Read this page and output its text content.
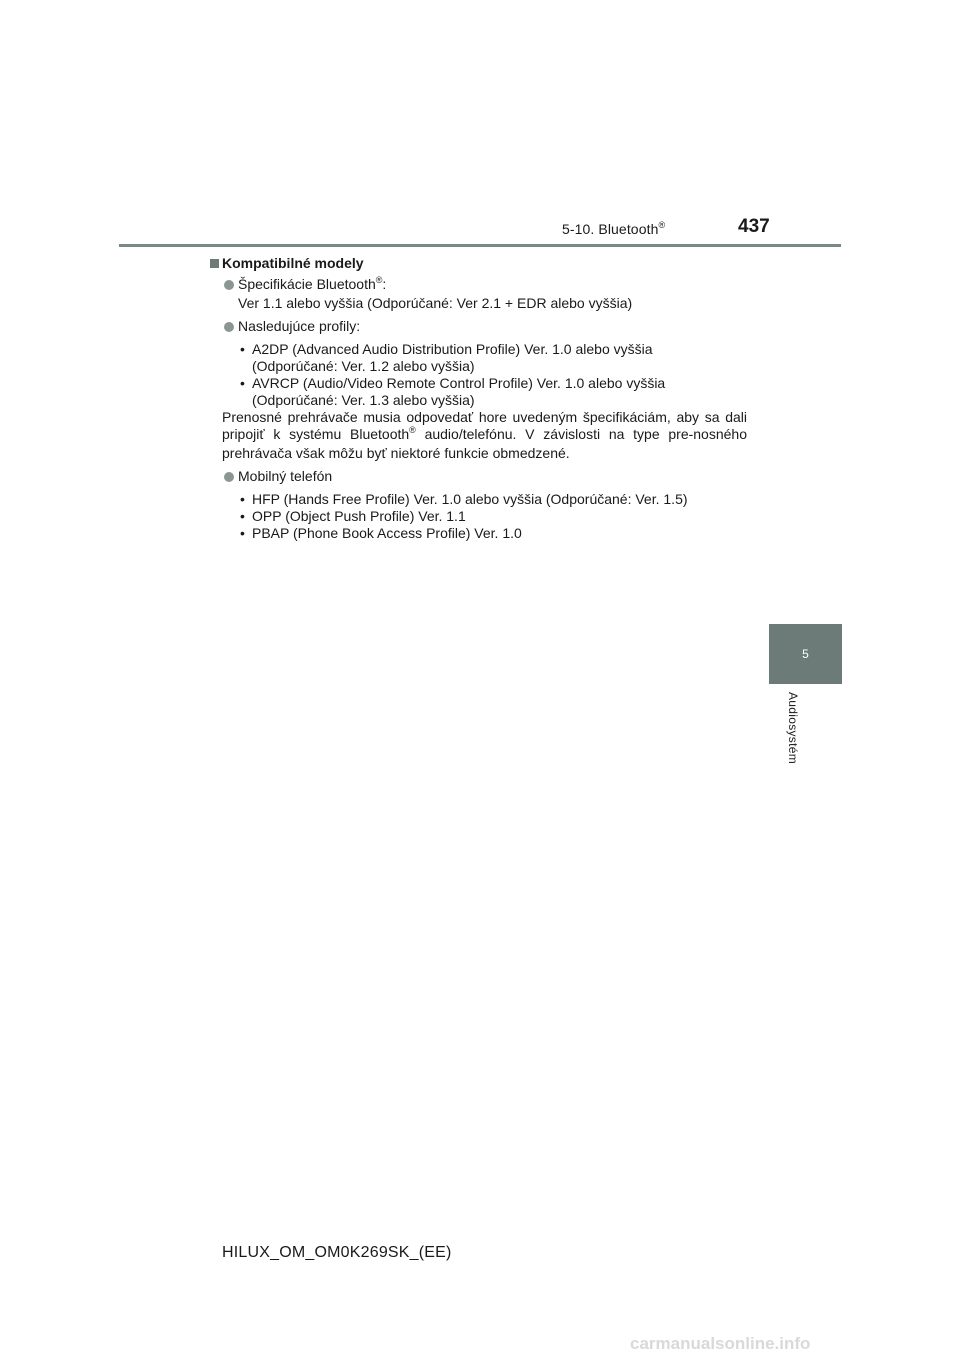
5-10. Bluetooth®	437
5
Audiosystém
Kompatibilné modely
Špecifikácie Bluetooth®:
Ver 1.1 alebo vyššia (Odporúčané: Ver 2.1 + EDR alebo vyššia)
Nasledujúce profily:
• A2DP (Advanced Audio Distribution Profile) Ver. 1.0 alebo vyššia
(Odporúčané: Ver. 1.2 alebo vyššia)
• AVRCP (Audio/Video Remote Control Profile) Ver. 1.0 alebo vyššia
(Odporúčané: Ver. 1.3 alebo vyššia)
Prenosné prehrávače musia odpovedať hore uvedeným špecifikáciám, aby sa dali pripojiť k systému Bluetooth® audio/telefónu. V závislosti na type pre-nosného prehrávača však môžu byť niektoré funkcie obmedzené.
Mobilný telefón
• HFP (Hands Free Profile) Ver. 1.0 alebo vyššia (Odporúčané: Ver. 1.5)
• OPP (Object Push Profile) Ver. 1.1
• PBAP (Phone Book Access Profile) Ver. 1.0
HILUX_OM_OM0K269SK_(EE)
carmanualsonline.info
